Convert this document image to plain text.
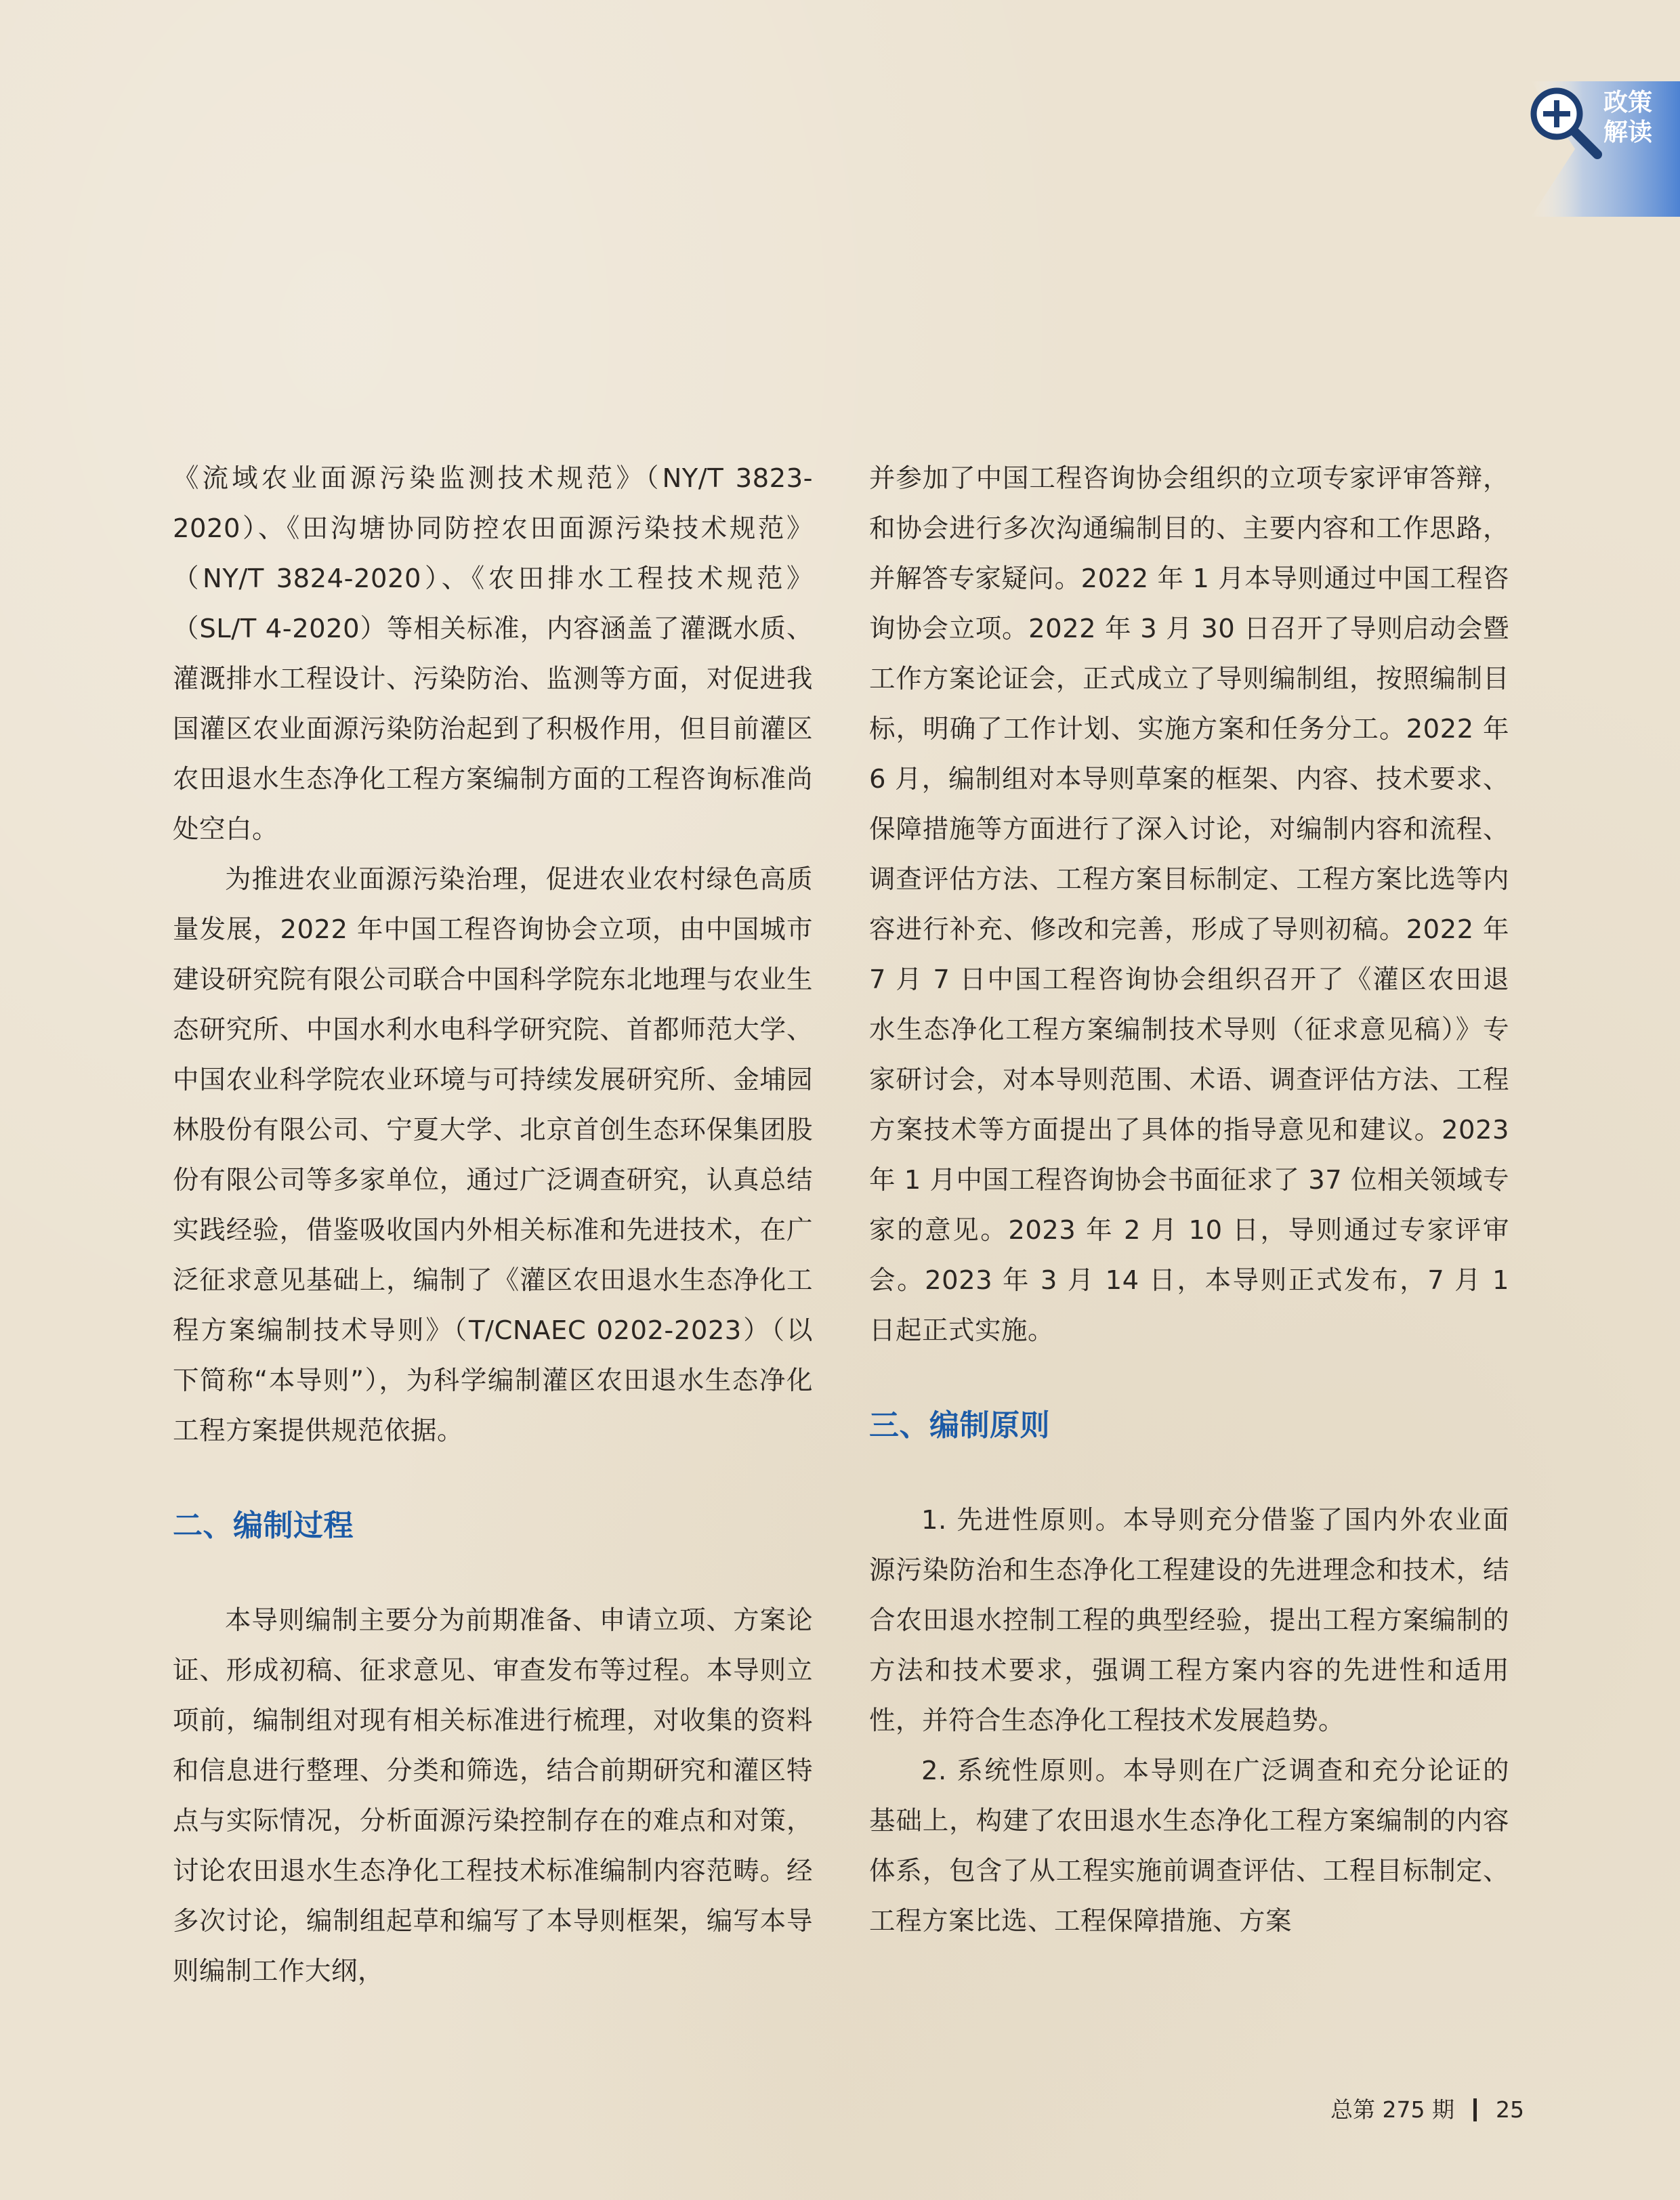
政策
解读

《流域农业面源污染监测技术规范》（NY/T 3823-2020）、《田沟塘协同防控农田面源污染技术规范》（NY/T 3824-2020）、《农田排水工程技术规范》（SL/T 4-2020）等相关标准，内容涵盖了灌溉水质、灌溉排水工程设计、污染防治、监测等方面，对促进我国灌区农业面源污染防治起到了积极作用，但目前灌区农田退水生态净化工程方案编制方面的工程咨询标准尚处空白。

为推进农业面源污染治理，促进农业农村绿色高质量发展，2022 年中国工程咨询协会立项，由中国城市建设研究院有限公司联合中国科学院东北地理与农业生态研究所、中国水利水电科学研究院、首都师范大学、中国农业科学院农业环境与可持续发展研究所、金埔园林股份有限公司、宁夏大学、北京首创生态环保集团股份有限公司等多家单位，通过广泛调查研究，认真总结实践经验，借鉴吸收国内外相关标准和先进技术，在广泛征求意见基础上，编制了《灌区农田退水生态净化工程方案编制技术导则》（T/CNAEC 0202-2023）（以下简称“本导则”），为科学编制灌区农田退水生态净化工程方案提供规范依据。

二、编制过程

本导则编制主要分为前期准备、申请立项、方案论证、形成初稿、征求意见、审查发布等过程。本导则立项前，编制组对现有相关标准进行梳理，对收集的资料和信息进行整理、分类和筛选，结合前期研究和灌区特点与实际情况，分析面源污染控制存在的难点和对策，讨论农田退水生态净化工程技术标准编制内容范畴。经多次讨论，编制组起草和编写了本导则框架，编写本导则编制工作大纲，

并参加了中国工程咨询协会组织的立项专家评审答辩，和协会进行多次沟通编制目的、主要内容和工作思路，并解答专家疑问。2022 年 1 月本导则通过中国工程咨询协会立项。2022 年 3 月 30 日召开了导则启动会暨工作方案论证会，正式成立了导则编制组，按照编制目标，明确了工作计划、实施方案和任务分工。2022 年 6 月，编制组对本导则草案的框架、内容、技术要求、保障措施等方面进行了深入讨论，对编制内容和流程、调查评估方法、工程方案目标制定、工程方案比选等内容进行补充、修改和完善，形成了导则初稿。2022 年 7 月 7 日中国工程咨询协会组织召开了《灌区农田退水生态净化工程方案编制技术导则（征求意见稿）》专家研讨会，对本导则范围、术语、调查评估方法、工程方案技术等方面提出了具体的指导意见和建议。2023 年 1 月中国工程咨询协会书面征求了 37 位相关领域专家的意见。2023 年 2 月 10 日，导则通过专家评审会。2023 年 3 月 14 日，本导则正式发布，7 月 1 日起正式实施。

三、编制原则

1. 先进性原则。本导则充分借鉴了国内外农业面源污染防治和生态净化工程建设的先进理念和技术，结合农田退水控制工程的典型经验，提出工程方案编制的方法和技术要求，强调工程方案内容的先进性和适用性，并符合生态净化工程技术发展趋势。

2. 系统性原则。本导则在广泛调查和充分论证的基础上，构建了农田退水生态净化工程方案编制的内容体系，包含了从工程实施前调查评估、工程目标制定、工程方案比选、工程保障措施、方案

总第 275 期 25
